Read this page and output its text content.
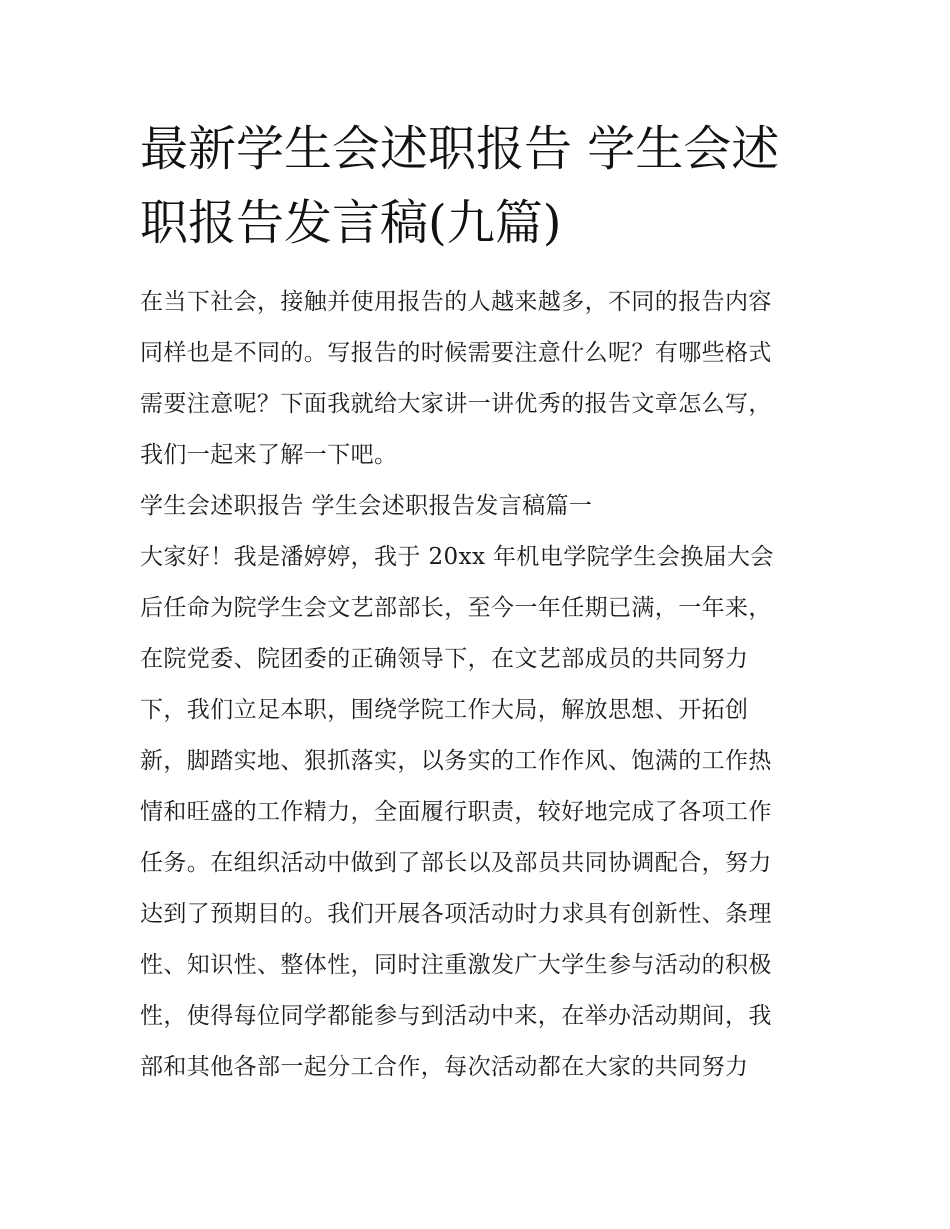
最新学生会述职报告 学生会述
职报告发言稿(九篇)
在当下社会，接触并使用报告的人越来越多，不同的报告内容
同样也是不同的。写报告的时候需要注意什么呢？有哪些格式
需要注意呢？下面我就给大家讲一讲优秀的报告文章怎么写，
我们一起来了解一下吧。
学生会述职报告 学生会述职报告发言稿篇一
大家好！我是潘婷婷，我于 20xx 年机电学院学生会换届大会
后任命为院学生会文艺部部长，至今一年任期已满，一年来，
在院党委、院团委的正确领导下，在文艺部成员的共同努力
下，我们立足本职，围绕学院工作大局，解放思想、开拓创
新，脚踏实地、狠抓落实，以务实的工作作风、饱满的工作热
情和旺盛的工作精力，全面履行职责，较好地完成了各项工作
任务。在组织活动中做到了部长以及部员共同协调配合，努力
达到了预期目的。我们开展各项活动时力求具有创新性、条理
性、知识性、整体性，同时注重激发广大学生参与活动的积极
性，使得每位同学都能参与到活动中来，在举办活动期间，我
部和其他各部一起分工合作，每次活动都在大家的共同努力
